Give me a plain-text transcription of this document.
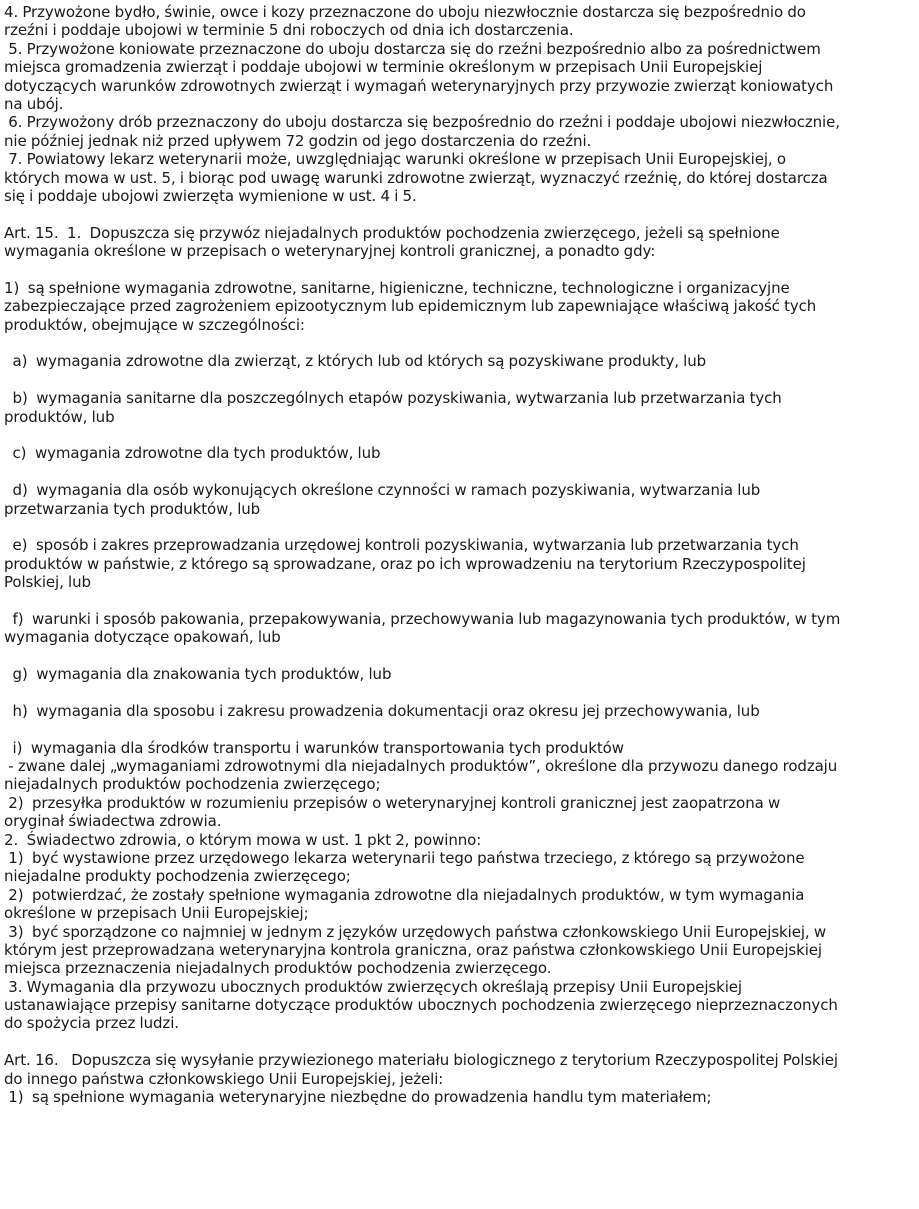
4. Przywożone bydło, świnie, owce i kozy przeznaczone do uboju niezwłocznie dostarcza się bezpośrednio do
rzeźni i poddaje ubojowi w terminie 5 dni roboczych od dnia ich dostarczenia.
5. Przywożone koniowate przeznaczone do uboju dostarcza się do rzeźni bezpośrednio albo za pośrednictwem
miejsca gromadzenia zwierząt i poddaje ubojowi w terminie określonym w przepisach Unii Europejskiej
dotyczących warunków zdrowotnych zwierząt i wymagań weterynaryjnych przy przywozie zwierząt koniowatych
na ubój.
6. Przywożony drób przeznaczony do uboju dostarcza się bezpośrednio do rzeźni i poddaje ubojowi niezwłocznie,
nie później jednak niż przed upływem 72 godzin od jego dostarczenia do rzeźni.
7. Powiatowy lekarz weterynarii może, uwzględniając warunki określone w przepisach Unii Europejskiej, o
których mowa w ust. 5, i biorąc pod uwagę warunki zdrowotne zwierząt, wyznaczyć rzeźnię, do której dostarcza
się i poddaje ubojowi zwierzęta wymienione w ust. 4 i 5.
Art. 15.  1.  Dopuszcza się przywóz niejadalnych produktów pochodzenia zwierzęcego, jeżeli są spełnione
wymagania określone w przepisach o weterynaryjnej kontroli granicznej, a ponadto gdy:
1)  są spełnione wymagania zdrowotne, sanitarne, higieniczne, techniczne, technologiczne i organizacyjne
zabezpieczające przed zagrożeniem epizootycznym lub epidemicznym lub zapewniające właściwą jakość tych
produktów, obejmujące w szczególności:
a)  wymagania zdrowotne dla zwierząt, z których lub od których są pozyskiwane produkty, lub
b)  wymagania sanitarne dla poszczególnych etapów pozyskiwania, wytwarzania lub przetwarzania tych
produktów, lub
c)  wymagania zdrowotne dla tych produktów, lub
d)  wymagania dla osób wykonujących określone czynności w ramach pozyskiwania, wytwarzania lub
przetwarzania tych produktów, lub
e)  sposób i zakres przeprowadzania urzędowej kontroli pozyskiwania, wytwarzania lub przetwarzania tych
produktów w państwie, z którego są sprowadzane, oraz po ich wprowadzeniu na terytorium Rzeczypospolitej
Polskiej, lub
f)  warunki i sposób pakowania, przepakowywania, przechowywania lub magazynowania tych produktów, w tym
wymagania dotyczące opakowań, lub
g)  wymagania dla znakowania tych produktów, lub
h)  wymagania dla sposobu i zakresu prowadzenia dokumentacji oraz okresu jej przechowywania, lub
i)  wymagania dla środków transportu i warunków transportowania tych produktów
- zwane dalej „wymaganiami zdrowotnymi dla niejadalnych produktów”, określone dla przywozu danego rodzaju
niejadalnych produktów pochodzenia zwierzęcego;
2)  przesyłka produktów w rozumieniu przepisów o weterynaryjnej kontroli granicznej jest zaopatrzona w
oryginał świadectwa zdrowia.
2.  Świadectwo zdrowia, o którym mowa w ust. 1 pkt 2, powinno:
1)  być wystawione przez urzędowego lekarza weterynarii tego państwa trzeciego, z którego są przywożone
niejadalne produkty pochodzenia zwierzęcego;
2)  potwierdzać, że zostały spełnione wymagania zdrowotne dla niejadalnych produktów, w tym wymagania
określone w przepisach Unii Europejskiej;
3)  być sporządzone co najmniej w jednym z języków urzędowych państwa członkowskiego Unii Europejskiej, w
którym jest przeprowadzana weterynaryjna kontrola graniczna, oraz państwa członkowskiego Unii Europejskiej
miejsca przeznaczenia niejadalnych produktów pochodzenia zwierzęcego.
3. Wymagania dla przywozu ubocznych produktów zwierzęcych określają przepisy Unii Europejskiej
ustanawiające przepisy sanitarne dotyczące produktów ubocznych pochodzenia zwierzęcego nieprzeznaczonych
do spożycia przez ludzi.
Art. 16.   Dopuszcza się wysyłanie przywiezionego materiału biologicznego z terytorium Rzeczypospolitej Polskiej
do innego państwa członkowskiego Unii Europejskiej, jeżeli:
1)  są spełnione wymagania weterynaryjne niezbędne do prowadzenia handlu tym materiałem;
